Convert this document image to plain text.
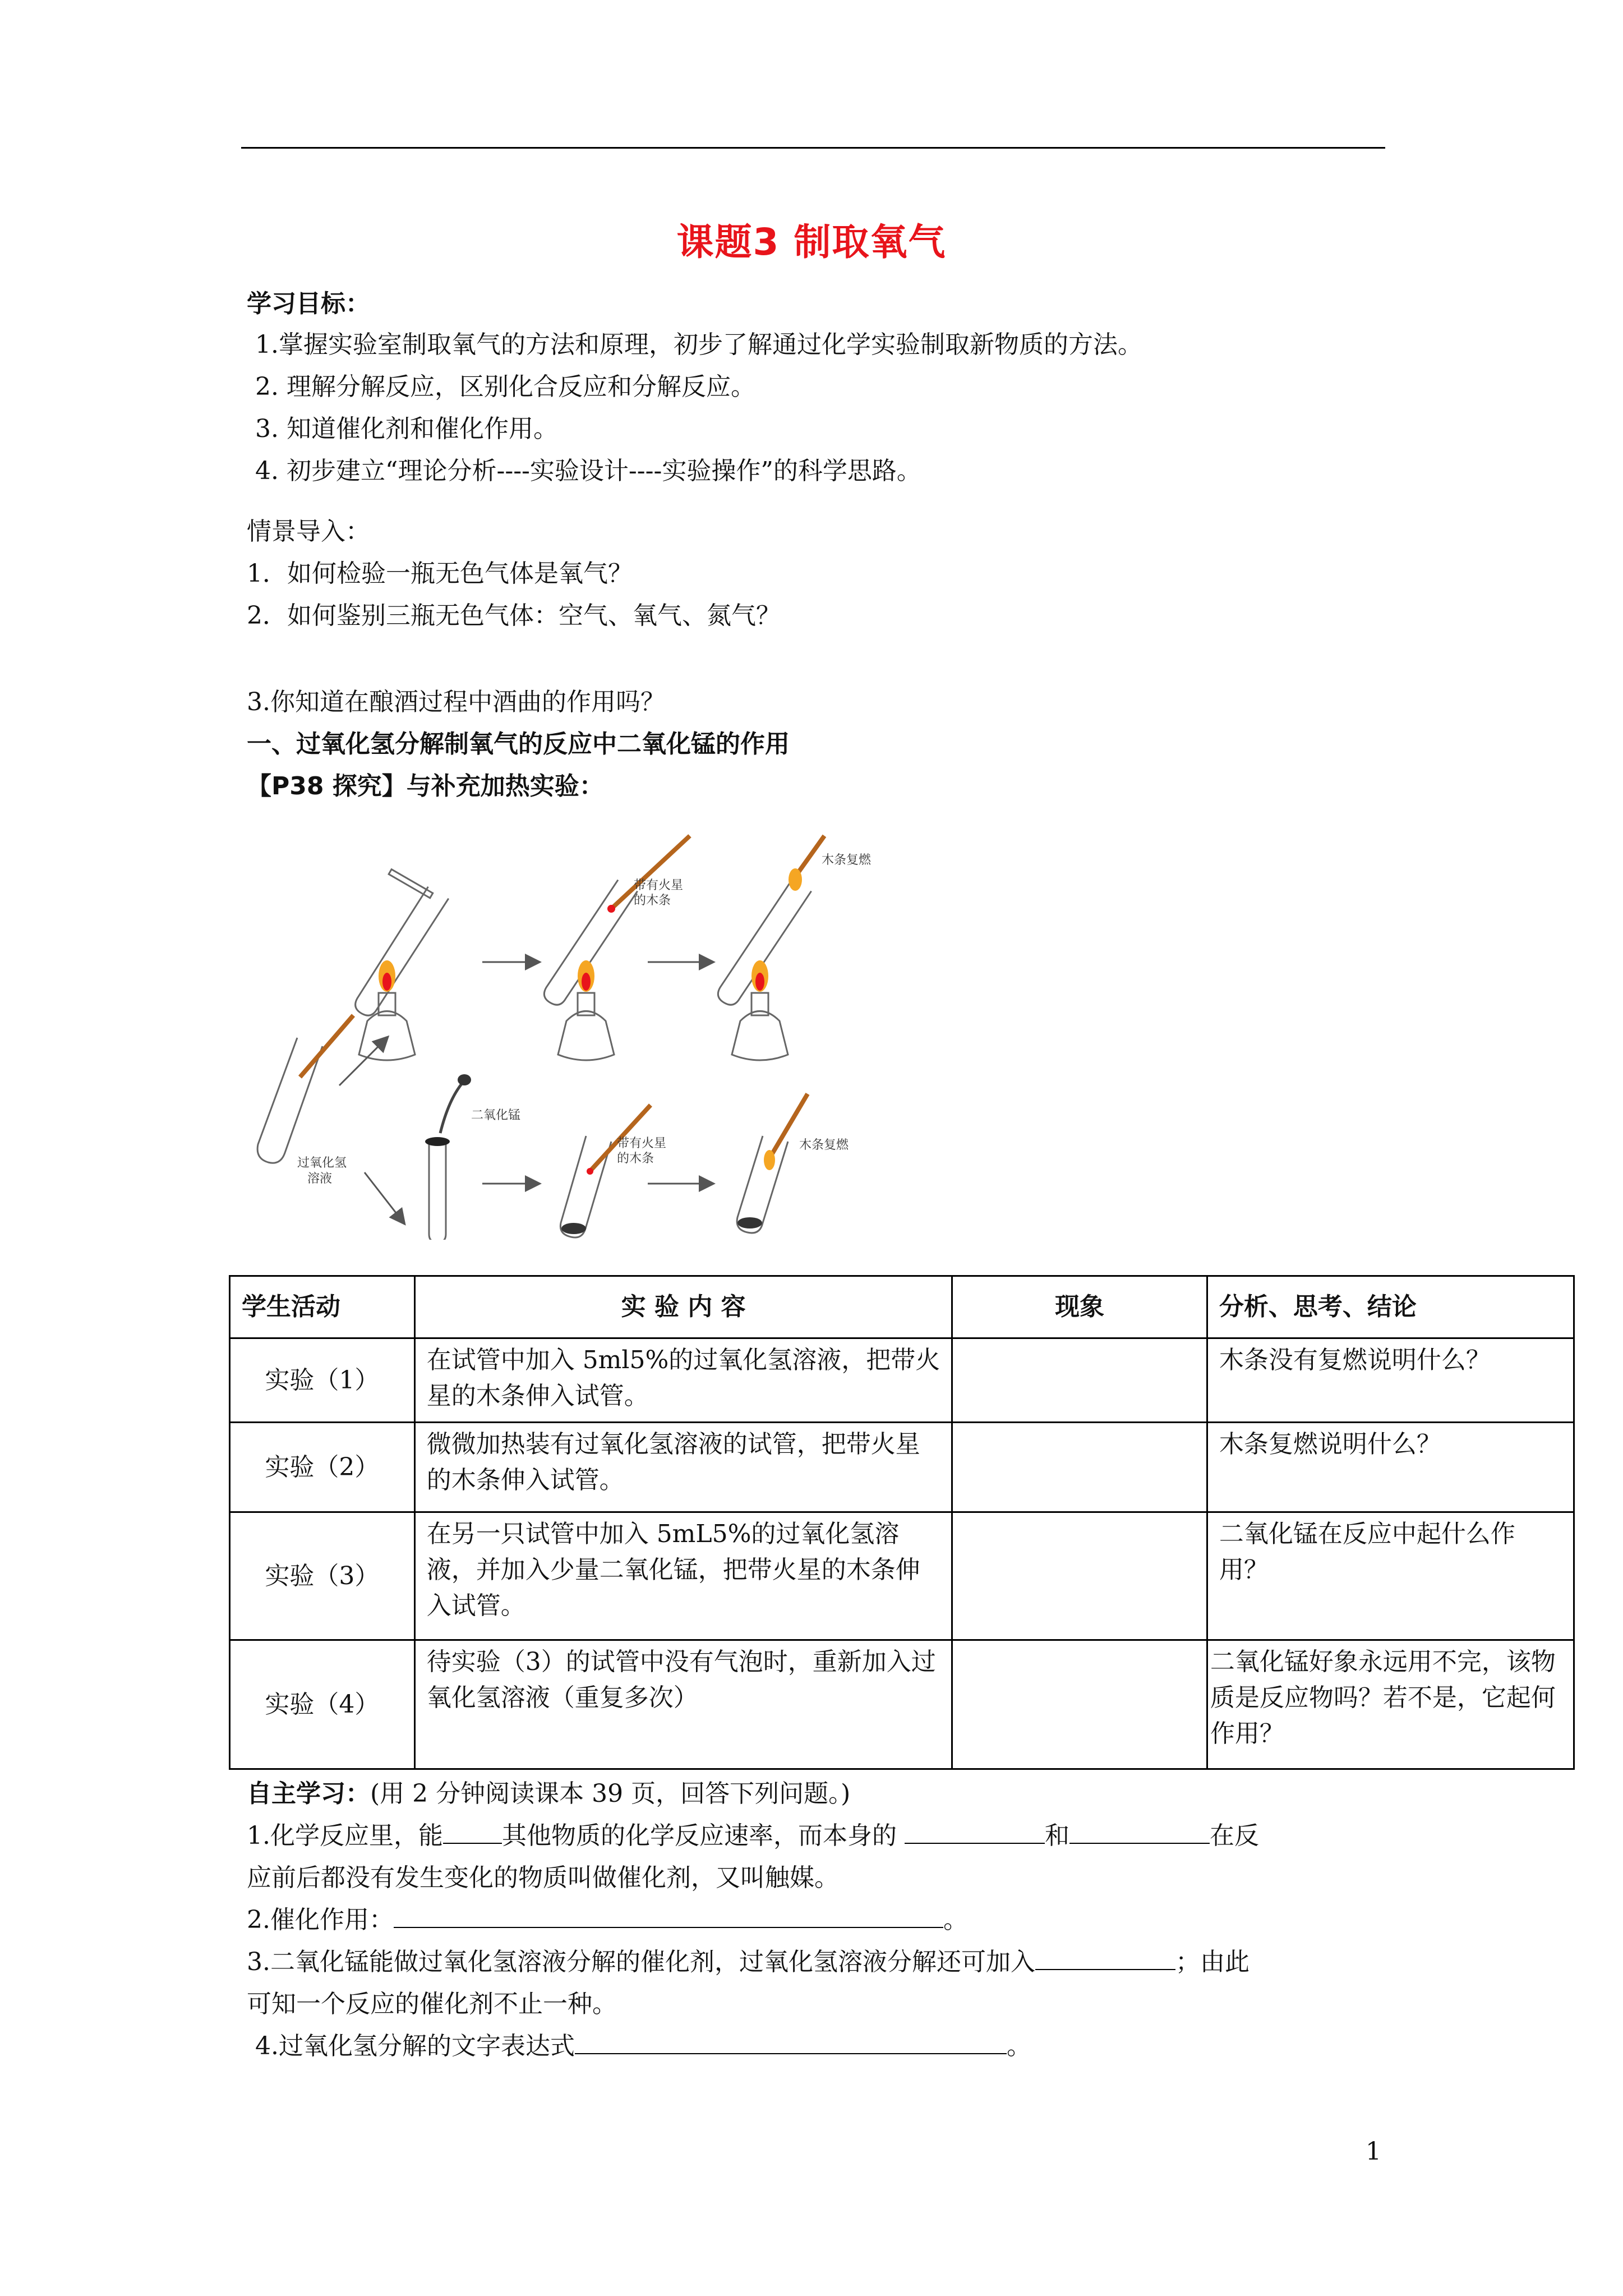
课题3 制取氧气
学习目标：
1.掌握实验室制取氧气的方法和原理，初步了解通过化学实验制取新物质的方法。
2. 理解分解反应，区别化合反应和分解反应。
3. 知道催化剂和催化作用。
4. 初步建立“理论分析----实验设计----实验操作”的科学思路。
情景导入：
1．如何检验一瓶无色气体是氧气？
2．如何鉴别三瓶无色气体：空气、氧气、氮气？
3.你知道在酿酒过程中酒曲的作用吗？
一、过氧化氢分解制氧气的反应中二氧化锰的作用
【P38 探究】与补充加热实验：
带有火星
的木条
木条复燃
过氧化氢
溶液
二氧化锰
带有火星
的木条
木条复燃
学生活动	实 验 内 容	现象	分析、思考、结论
实验（1）	在试管中加入 5ml5%的过氧化氢溶液，把带火星的木条伸入试管。		木条没有复燃说明什么？
实验（2）	微微加热装有过氧化氢溶液的试管，把带火星的木条伸入试管。		木条复燃说明什么？
实验（3）	在另一只试管中加入 5mL5%的过氧化氢溶液，并加入少量二氧化锰，把带火星的木条伸入试管。		二氧化锰在反应中起什么作用？
实验（4）	待实验（3）的试管中没有气泡时，重新加入过氧化氢溶液（重复多次）		二氧化锰好象永远用不完，该物质是反应物吗？若不是，它起何作用？
自主学习：(用 2 分钟阅读课本 39 页，回答下列问题。)
1.化学反应里，能 其他物质的化学反应速率，而本身的	和	在反
应前后都没有发生变化的物质叫做催化剂，又叫触媒。
2.催化作用：	。
3.二氧化锰能做过氧化氢溶液分解的催化剂，过氧化氢溶液分解还可加入	；由此
可知一个反应的催化剂不止一种。
4.过氧化氢分解的文字表达式	。
1
